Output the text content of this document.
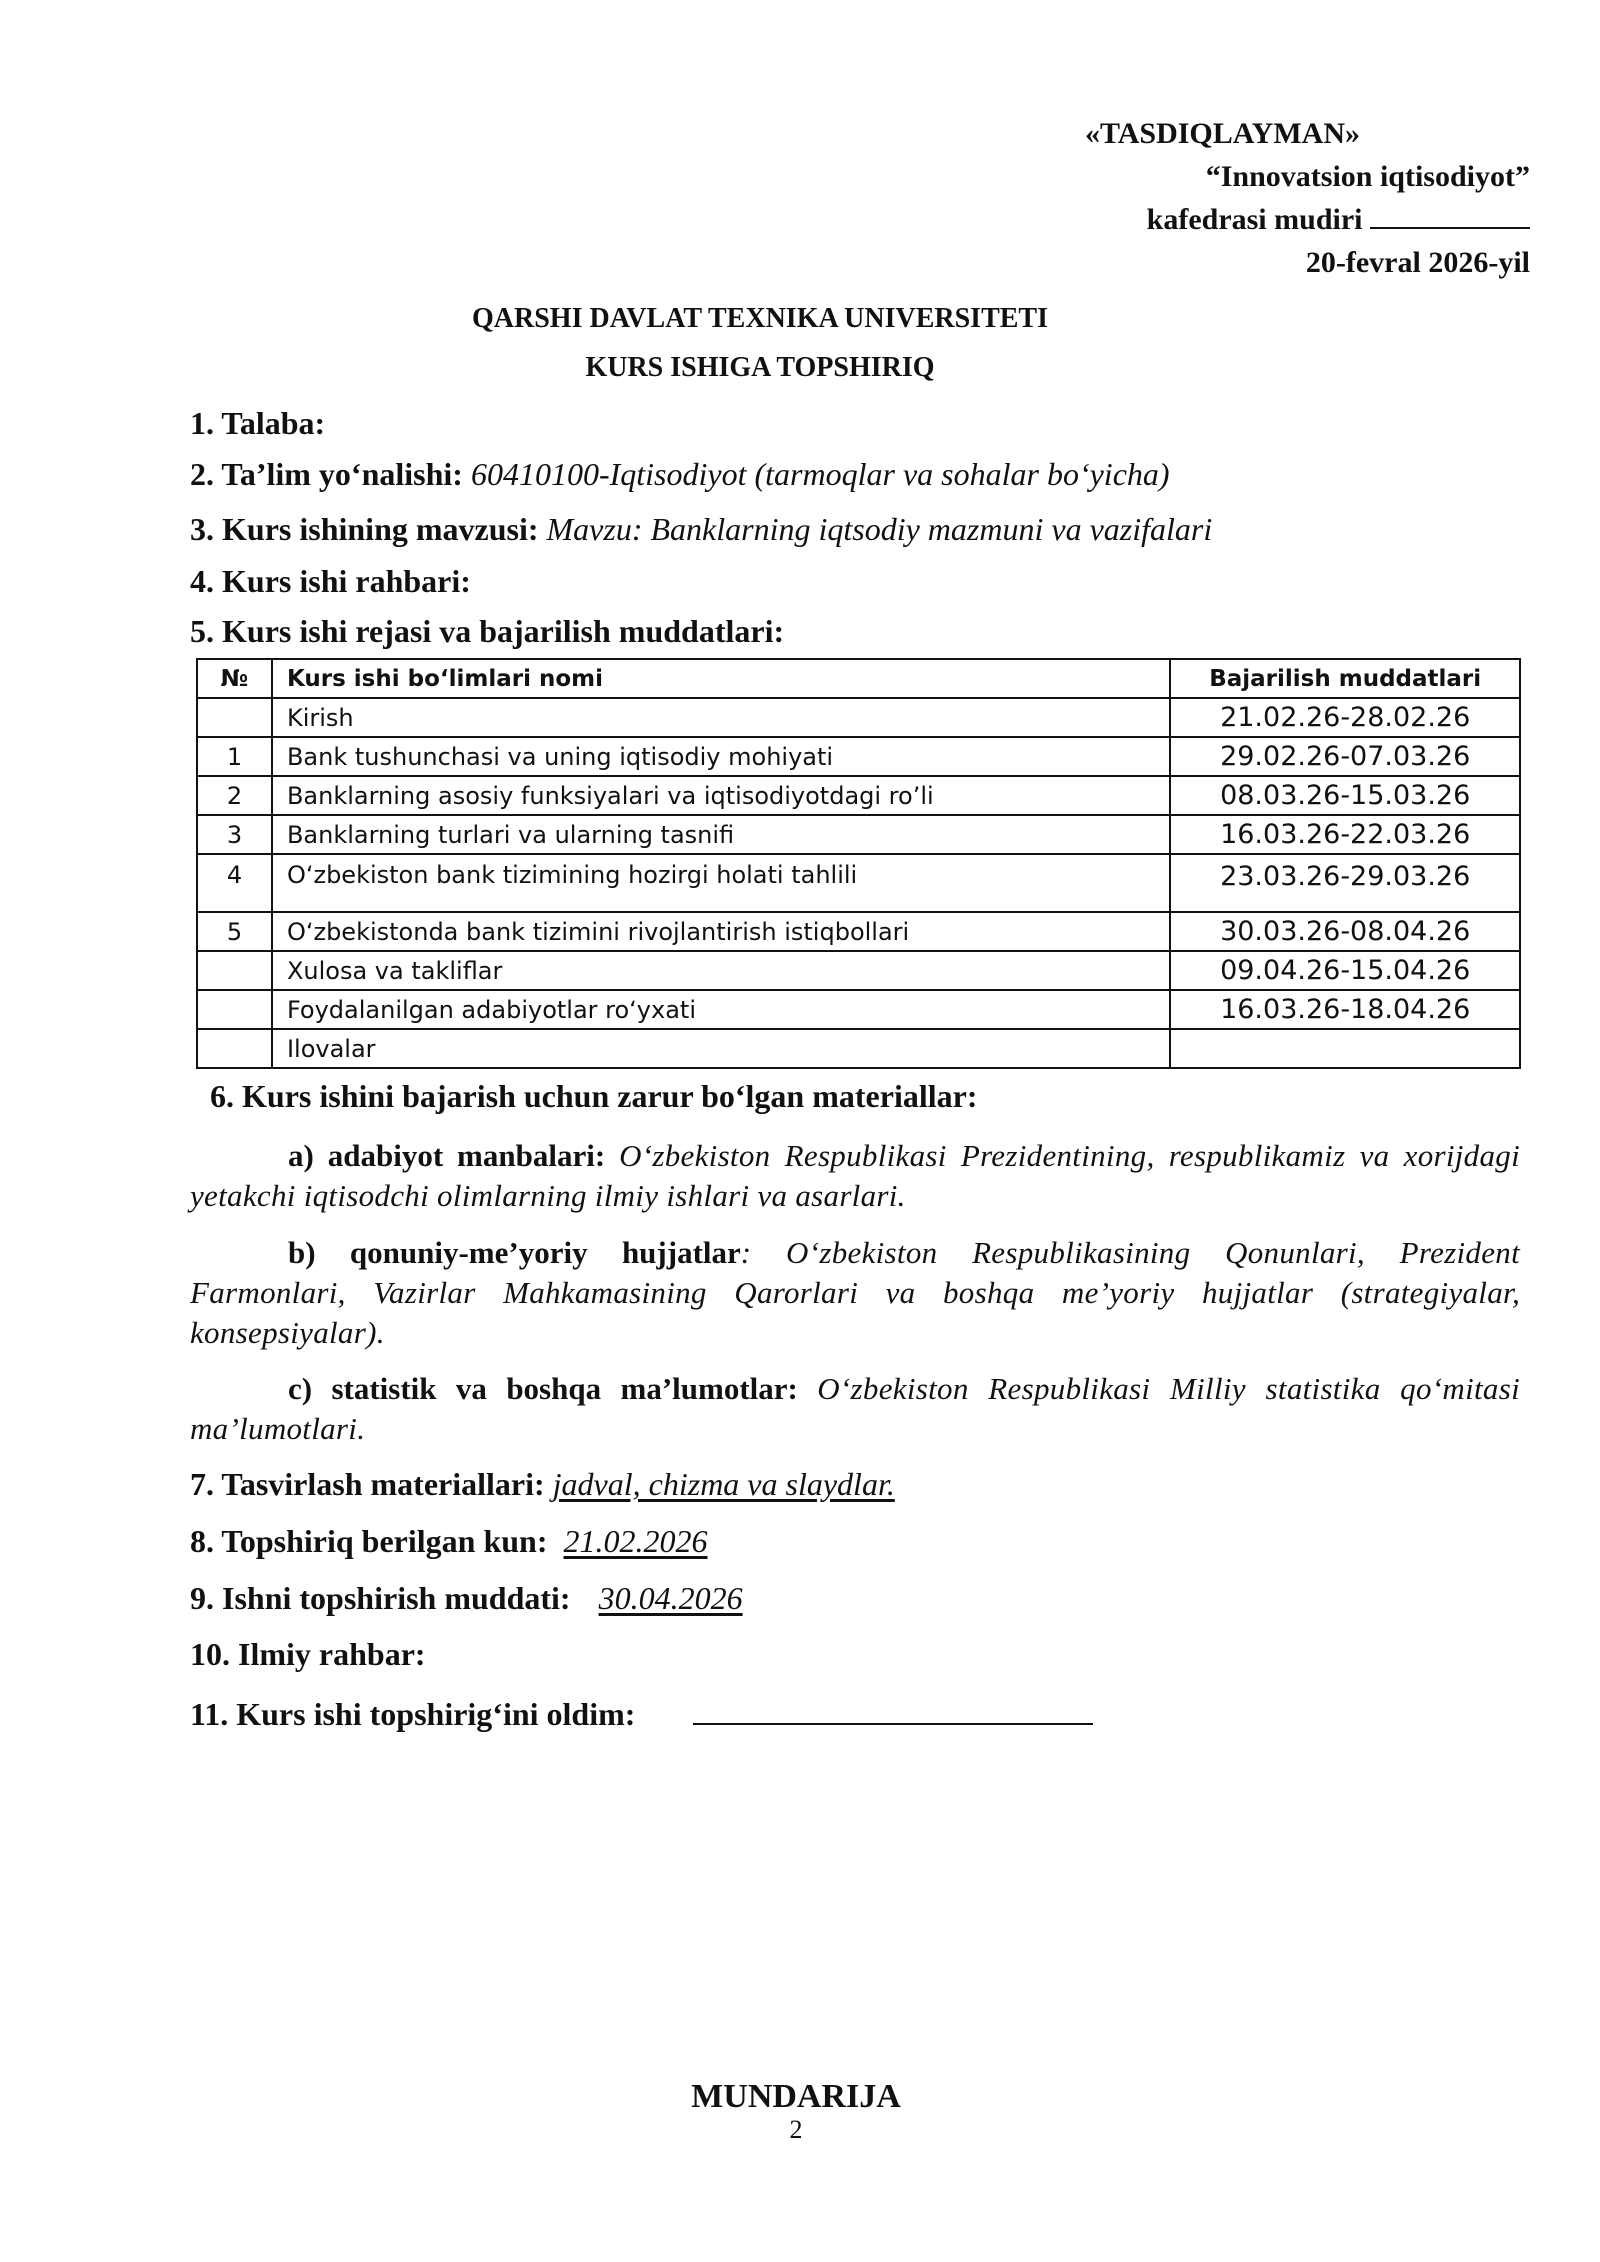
«TASDIQLAYMAN»
“Innovatsion iqtisodiyot”
kafedrasi mudiri
20-fevral 2026-yil
QARSHI DAVLAT TEXNIKA UNIVERSITETI
KURS ISHIGA TOPSHIRIQ
1. Talaba:
2. Ta’lim yo‘nalishi: 60410100-Iqtisodiyot (tarmoqlar va sohalar bo‘yicha)
3. Kurs ishining mavzusi: Mavzu: Banklarning iqtsodiy mazmuni va vazifalari
4. Kurs ishi rahbari:
5. Kurs ishi rejasi va bajarilish muddatlari:
№	Kurs ishi bo‘limlari nomi	Bajarilish muddatlari
	Kirish	21.02.26-28.02.26
1	Bank tushunchasi va uning iqtisodiy mohiyati	29.02.26-07.03.26
2	Banklarning asosiy funksiyalari va iqtisodiyotdagi ro’li	08.03.26-15.03.26
3	Banklarning turlari va ularning tasnifi	16.03.26-22.03.26
4	O‘zbekiston bank tizimining hozirgi holati tahlili	23.03.26-29.03.26
5	O‘zbekistonda bank tizimini rivojlantirish istiqbollari	30.03.26-08.04.26
	Xulosa va takliflar	09.04.26-15.04.26
	Foydalanilgan adabiyotlar ro‘yxati	16.03.26-18.04.26
	Ilovalar	
6. Kurs ishini bajarish uchun zarur bo‘lgan materiallar:
a) adabiyot manbalari: O‘zbekiston Respublikasi Prezidentining, respublikamiz va xorijdagi yetakchi iqtisodchi olimlarning ilmiy ishlari va asarlari.
b) qonuniy-me’yoriy hujjatlar: O‘zbekiston Respublikasining Qonunlari, Prezident Farmonlari, Vazirlar Mahkamasining Qarorlari va boshqa me’yoriy hujjatlar (strategiyalar, konsepsiyalar).
c) statistik va boshqa ma’lumotlar: O‘zbekiston Respublikasi Milliy statistika qo‘mitasi ma’lumotlari.
7. Tasvirlash materiallari: jadval, chizma va slaydlar.
8. Topshiriq berilgan kun: 21.02.2026
9. Ishni topshirish muddati: 30.04.2026
10. Ilmiy rahbar:
11. Kurs ishi topshirig‘ini oldim:
MUNDARIJA
2
